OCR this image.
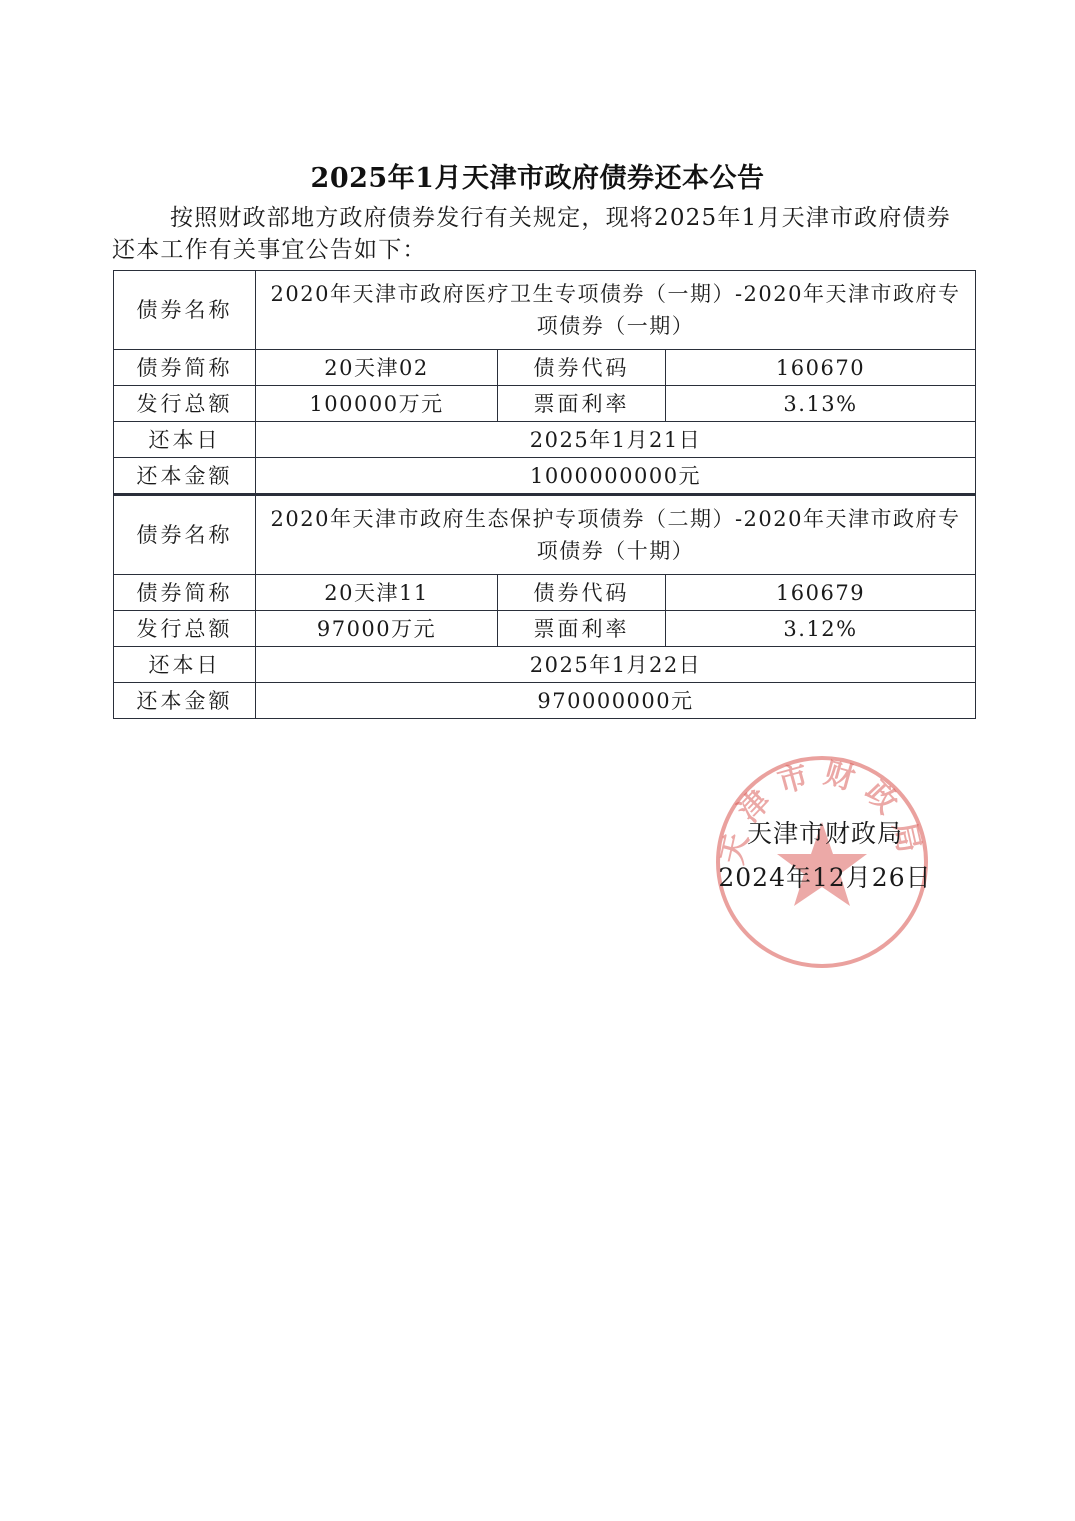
2025年1月天津市政府债券还本公告
按照财政部地方政府债券发行有关规定，现将2025年1月天津市政府债券还本工作有关事宜公告如下：
债券名称	2020年天津市政府医疗卫生专项债券（一期）-2020年天津市政府专项债券（一期）		
债券简称	20天津02	债券代码	160670
发行总额	100000万元	票面利率	3.13%
还本日	2025年1月21日		
还本金额	1000000000元		
债券名称	2020年天津市政府生态保护专项债券（二期）-2020年天津市政府专项债券（十期）		
债券简称	20天津11	债券代码	160679
发行总额	97000万元	票面利率	3.12%
还本日	2025年1月22日		
还本金额	970000000元		
天津市财政局
天津市财政局
2024年12月26日
